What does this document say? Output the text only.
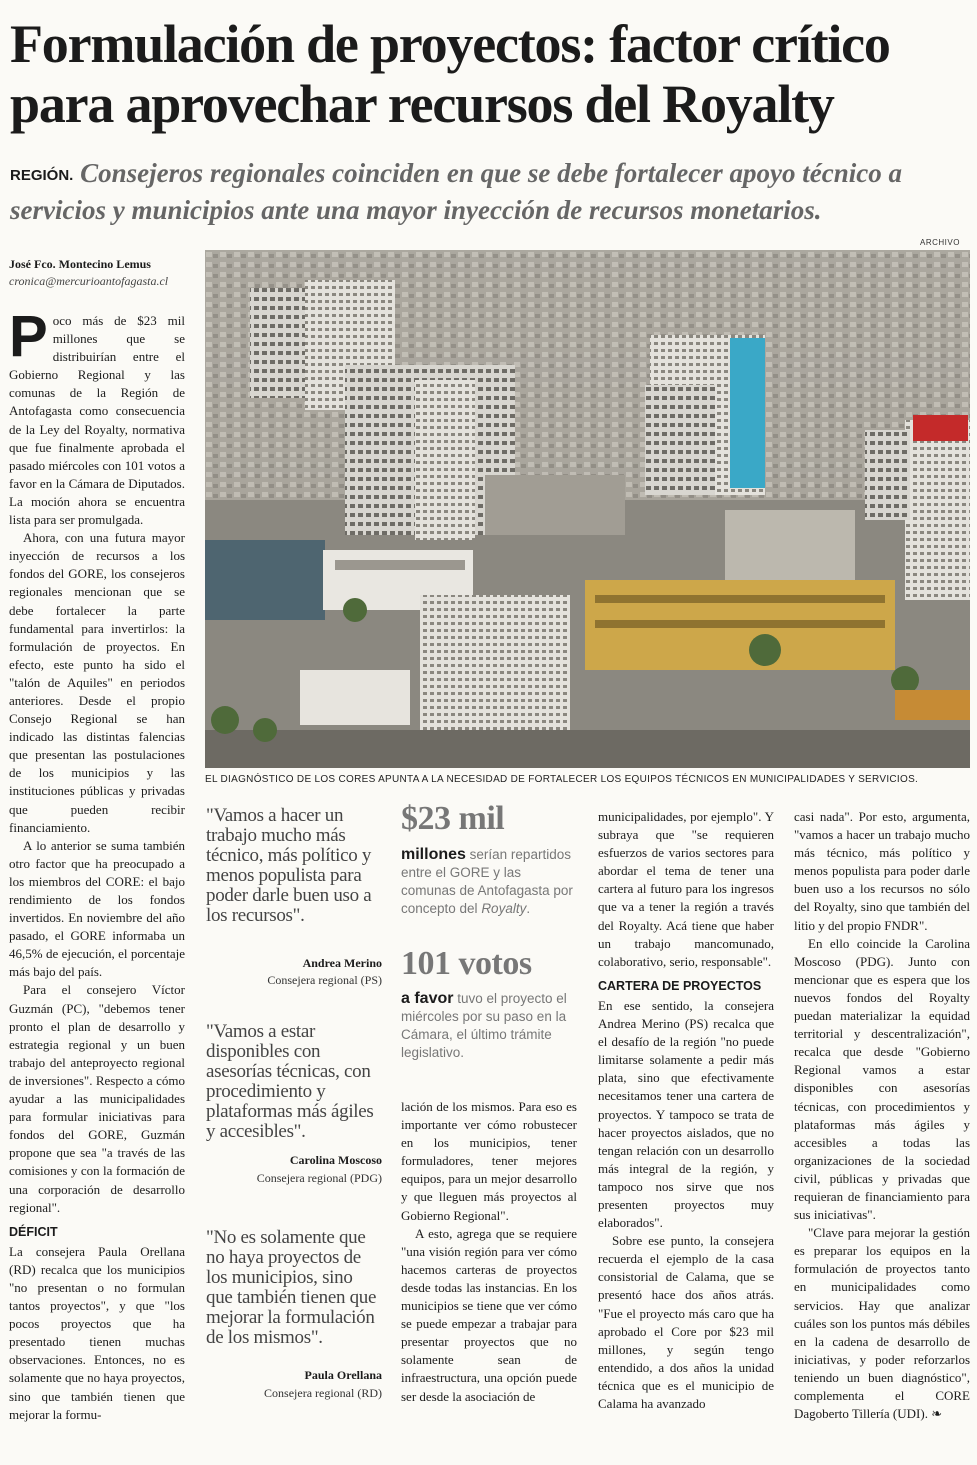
Formulación de proyectos: factor crítico para aprovechar recursos del Royalty
REGIÓN. Consejeros regionales coinciden en que se debe fortalecer apoyo técnico a servicios y municipios ante una mayor inyección de recursos monetarios.
José Fco. Montecino Lemus
cronica@mercurioantofagasta.cl

Poco más de $23 mil millones que se distribuirían entre el Gobierno Regional y las comunas de la Región de Antofagasta como consecuencia de la Ley del Royalty, normativa que fue finalmente aprobada el pasado miércoles con 101 votos a favor en la Cámara de Diputados. La moción ahora se encuentra lista para ser promulgada.

Ahora, con una futura mayor inyección de recursos a los fondos del GORE, los consejeros regionales mencionan que se debe fortalecer la parte fundamental para invertirlos: la formulación de proyectos. En efecto, este punto ha sido el "talón de Aquiles" en periodos anteriores. Desde el propio Consejo Regional se han indicado las distintas falencias que presentan las postulaciones de los municipios y las instituciones públicas y privadas que pueden recibir financiamiento.

A lo anterior se suma también otro factor que ha preocupado a los miembros del CORE: el bajo rendimiento de los fondos invertidos. En noviembre del año pasado, el GORE informaba un 46,5% de ejecución, el porcentaje más bajo del país.

Para el consejero Víctor Guzmán (PC), "debemos tener pronto el plan de desarrollo y estrategia regional y un buen trabajo del anteproyecto regional de inversiones". Respecto a cómo ayudar a las municipalidades para formular iniciativas para fondos del GORE, Guzmán propone que sea "a través de las comisiones y con la formación de una corporación de desarrollo regional".

DÉFICIT

La consejera Paula Orellana (RD) recalca que los municipios "no presentan o no formulan tantos proyectos", y que "los pocos proyectos que ha presentado tienen muchas observaciones. Entonces, no es solamente que no haya proyectos, sino que también tienen que mejorar la formu-

ARCHIVO
EL DIAGNÓSTICO DE LOS CORES APUNTA A LA NECESIDAD DE FORTALECER LOS EQUIPOS TÉCNICOS EN MUNICIPALIDADES Y SERVICIOS.
"Vamos a hacer un trabajo mucho más técnico, más político y menos populista para poder darle buen uso a los recursos".
Andrea Merino
Consejera regional (PS)
"Vamos a estar disponibles con asesorías técnicas, con procedimiento y plataformas más ágiles y accesibles".
Carolina Moscoso
Consejera regional (PDG)
"No es solamente que no haya proyectos de los municipios, sino que también tienen que mejorar la formulación de los mismos".
Paula Orellana
Consejera regional (RD)
$23 mil
millones serían repartidos entre el GORE y las comunas de Antofagasta por concepto del Royalty.
101 votos
a favor tuvo el proyecto el miércoles por su paso en la Cámara, el último trámite legislativo.

lación de los mismos. Para eso es importante ver cómo robustecer en los municipios, tener formuladores, tener mejores equipos, para un mejor desarrollo y que lleguen más proyectos al Gobierno Regional".

A esto, agrega que se requiere "una visión región para ver cómo hacemos carteras de proyectos desde todas las instancias. En los municipios se tiene que ver cómo se puede empezar a trabajar para presentar proyectos que no solamente sean de infraestructura, una opción puede ser desde la asociación de

municipalidades, por ejemplo". Y subraya que "se requieren esfuerzos de varios sectores para abordar el tema de tener una cartera al futuro para los ingresos que va a tener la región a través del Royalty. Acá tiene que haber un trabajo mancomunado, colaborativo, serio, responsable".

CARTERA DE PROYECTOS

En ese sentido, la consejera Andrea Merino (PS) recalca que el desafío de la región "no puede limitarse solamente a pedir más plata, sino que efectivamente necesitamos tener una cartera de proyectos. Y tampoco se trata de hacer proyectos aislados, que no tengan relación con un desarrollo más integral de la región, y tampoco nos sirve que nos presenten proyectos muy elaborados".

Sobre ese punto, la consejera recuerda el ejemplo de la casa consistorial de Calama, que se presentó hace dos años atrás. "Fue el proyecto más caro que ha aprobado el Core por $23 mil millones, y según tengo entendido, a dos años la unidad técnica que es el municipio de Calama ha avanzado

casi nada". Por esto, argumenta, "vamos a hacer un trabajo mucho más técnico, más político y menos populista para poder darle buen uso a los recursos no sólo del Royalty, sino que también del litio y del propio FNDR".

En ello coincide la Carolina Moscoso (PDG). Junto con mencionar que es espera que los nuevos fondos del Royalty puedan materializar la equidad territorial y descentralización", recalca que desde "Gobierno Regional vamos a estar disponibles con asesorías técnicas, con procedimientos y plataformas más ágiles y accesibles a todas las organizaciones de la sociedad civil, públicas y privadas que requieran de financiamiento para sus iniciativas".

"Clave para mejorar la gestión es preparar los equipos en la formulación de proyectos tanto en municipalidades como servicios. Hay que analizar cuáles son los puntos más débiles en la cadena de desarrollo de iniciativas, y poder reforzarlos teniendo un buen diagnóstico", complementa el CORE Dagoberto Tillería (UDI). ❧
